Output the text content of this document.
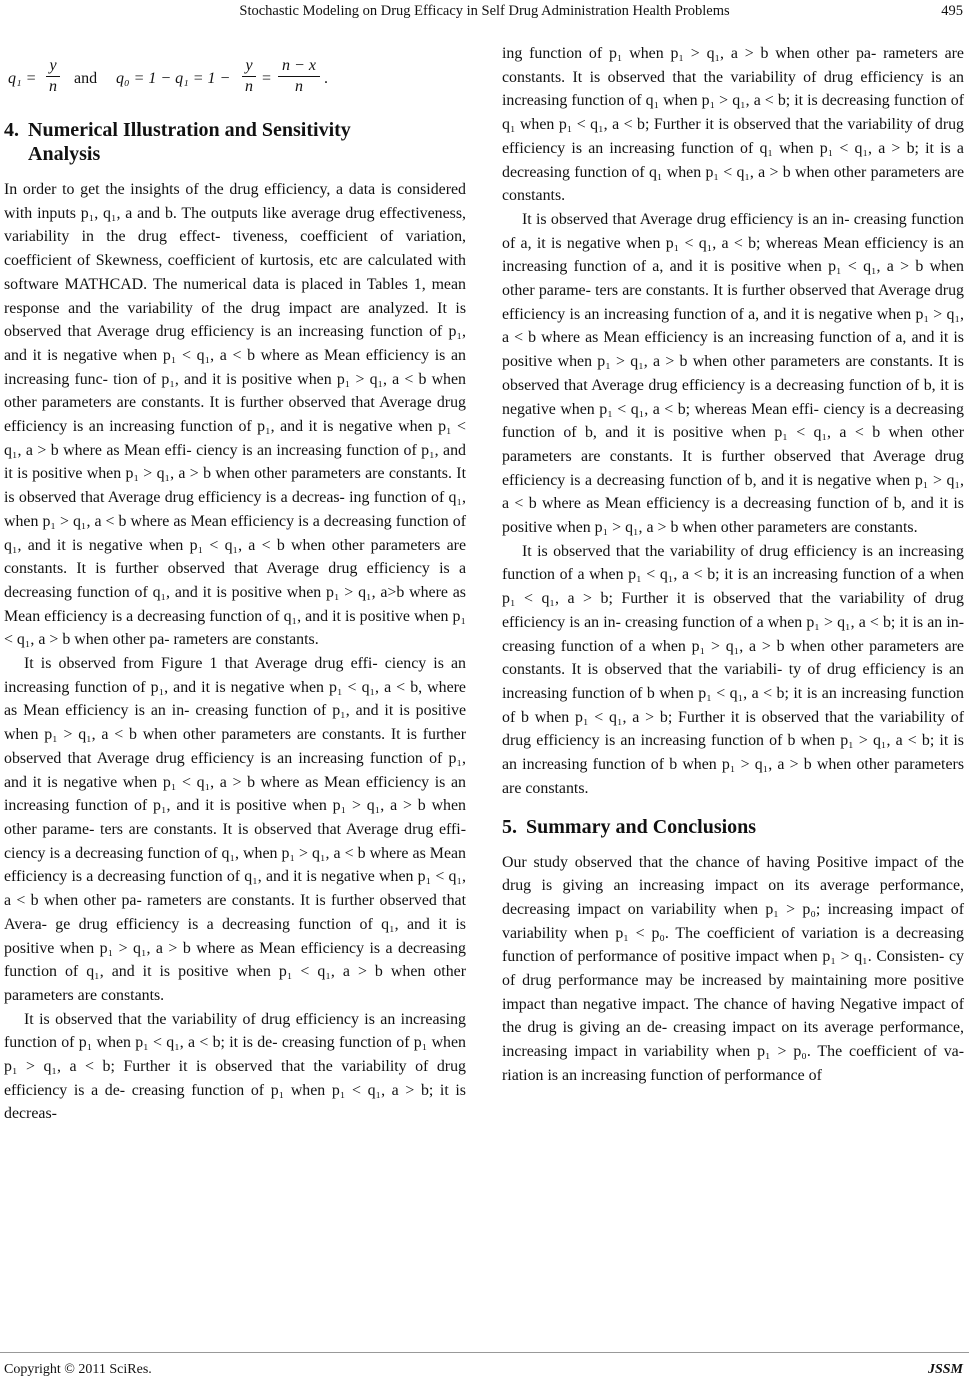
Stochastic Modeling on Drug Efficacy in Self Drug Administration Health Problems	495
q₁ =
y
n and q₀ = 1 − q₁ = 1 −
y
n =
n − x
n	.
4. Numerical Illustration and Sensitivity
Analysis

In order to get the insights of the drug efficiency, a data is considered with inputs p₁, q₁, a and b. The outputs like average drug effectiveness, variability in the drug effect- tiveness, coefficient of variation, coefficient of Skewness, coefficient of kurtosis, etc are calculated with software MATHCAD. The numerical data is placed in Tables 1, mean response and the variability of the drug impact are analyzed. It is observed that Average drug efficiency is an increasing function of p₁, and it is negative when p₁ < q₁, a < b where as Mean efficiency is an increasing func- tion of p₁, and it is positive when p₁ > q₁, a < b when other parameters are constants. It is further observed that Average drug efficiency is an increasing function of p₁, and it is negative when p₁ < q₁, a > b where as Mean effi- ciency is an increasing function of p₁, and it is positive when p₁ > q₁, a > b when other parameters are constants. It is observed that Average drug efficiency is a decreas- ing function of q₁, when p₁ > q₁, a < b where as Mean efficiency is a decreasing function of q₁, and it is negative when p₁ < q₁, a < b when other parameters are constants. It is further observed that Average drug efficiency is a decreasing function of q₁, and it is positive when p₁ > q₁, a>b where as Mean efficiency is a decreasing function of q₁, and it is positive when p₁ < q₁, a > b when other pa- rameters are constants.

It is observed from Figure 1 that Average drug effi- ciency is an increasing function of p₁, and it is negative when p₁ < q₁, a < b, where as Mean efficiency is an in- creasing function of p₁, and it is positive when p₁ > q₁, a < b when other parameters are constants. It is further observed that Average drug efficiency is an increasing function of p₁, and it is negative when p₁ < q₁, a > b where as Mean efficiency is an increasing function of p₁, and it is positive when p₁ > q₁, a > b when other parame- ters are constants. It is observed that Average drug effi- ciency is a decreasing function of q₁, when p₁ > q₁, a < b where as Mean efficiency is a decreasing function of q₁, and it is negative when p₁ < q₁, a < b when other pa- rameters are constants. It is further observed that Avera- ge drug efficiency is a decreasing function of q₁, and it is positive when p₁ > q₁, a > b where as Mean efficiency is a decreasing function of q₁, and it is positive when p₁ < q₁, a > b when other parameters are constants.

It is observed that the variability of drug efficiency is an increasing function of p₁ when p₁ < q₁, a < b; it is de- creasing function of p₁ when p₁ > q₁, a < b; Further it is observed that the variability of drug efficiency is a de- creasing function of p₁ when p₁ < q₁, a > b; it is decreas-

ing function of p₁ when p₁ > q₁, a > b when other pa- rameters are constants. It is observed that the variability of drug efficiency is an increasing function of q₁ when p₁ > q₁, a < b; it is decreasing function of q₁ when p₁ < q₁, a < b; Further it is observed that the variability of drug efficiency is an increasing function of q₁ when p₁ < q₁, a > b; it is a decreasing function of q₁ when p₁ < q₁, a > b when other parameters are constants.

It is observed that Average drug efficiency is an in- creasing function of a, it is negative when p₁ < q₁, a < b; whereas Mean efficiency is an increasing function of a, and it is positive when p₁ < q₁, a > b when other parame- ters are constants. It is further observed that Average drug efficiency is an increasing function of a, and it is negative when p₁ > q₁, a < b where as Mean efficiency is an increasing function of a, and it is positive when p₁ > q₁, a > b when other parameters are constants. It is observed that Average drug efficiency is a decreasing function of b, it is negative when p₁ < q₁, a < b; whereas Mean effi- ciency is a decreasing function of b, and it is positive when p₁ < q₁, a < b when other parameters are constants. It is further observed that Average drug efficiency is a decreasing function of b, and it is negative when p₁ > q₁, a < b where as Mean efficiency is a decreasing function of b, and it is positive when p₁ > q₁, a > b when other parameters are constants.

It is observed that the variability of drug efficiency is an increasing function of a when p₁ < q₁, a < b; it is an increasing function of a when p₁ < q₁, a > b; Further it is observed that the variability of drug efficiency is an in- creasing function of a when p₁ > q₁, a < b; it is an in- creasing function of a when p₁ > q₁, a > b when other parameters are constants. It is observed that the variabili- ty of drug efficiency is an increasing function of b when p₁ < q₁, a < b; it is an increasing function of b when p₁ < q₁, a > b; Further it is observed that the variability of drug efficiency is an increasing function of b when p₁ > q₁, a < b; it is an increasing function of b when p₁ > q₁, a > b when other parameters are constants.

5. Summary and Conclusions

Our study observed that the chance of having Positive impact of the drug is giving an increasing impact on its average performance, decreasing impact on variability when p₁ > p₀; increasing impact of variability when p₁ < p₀. The coefficient of variation is a decreasing function of performance of positive impact when p₁ > q₁. Consisten- cy of drug performance may be increased by maintaining more positive impact than negative impact. The chance of having Negative impact of the drug is giving an de- creasing impact on its average performance, increasing impact in variability when p₁ > p₀. The coefficient of va- riation is an increasing function of performance of

Copyright © 2011 SciRes.	JSSM
